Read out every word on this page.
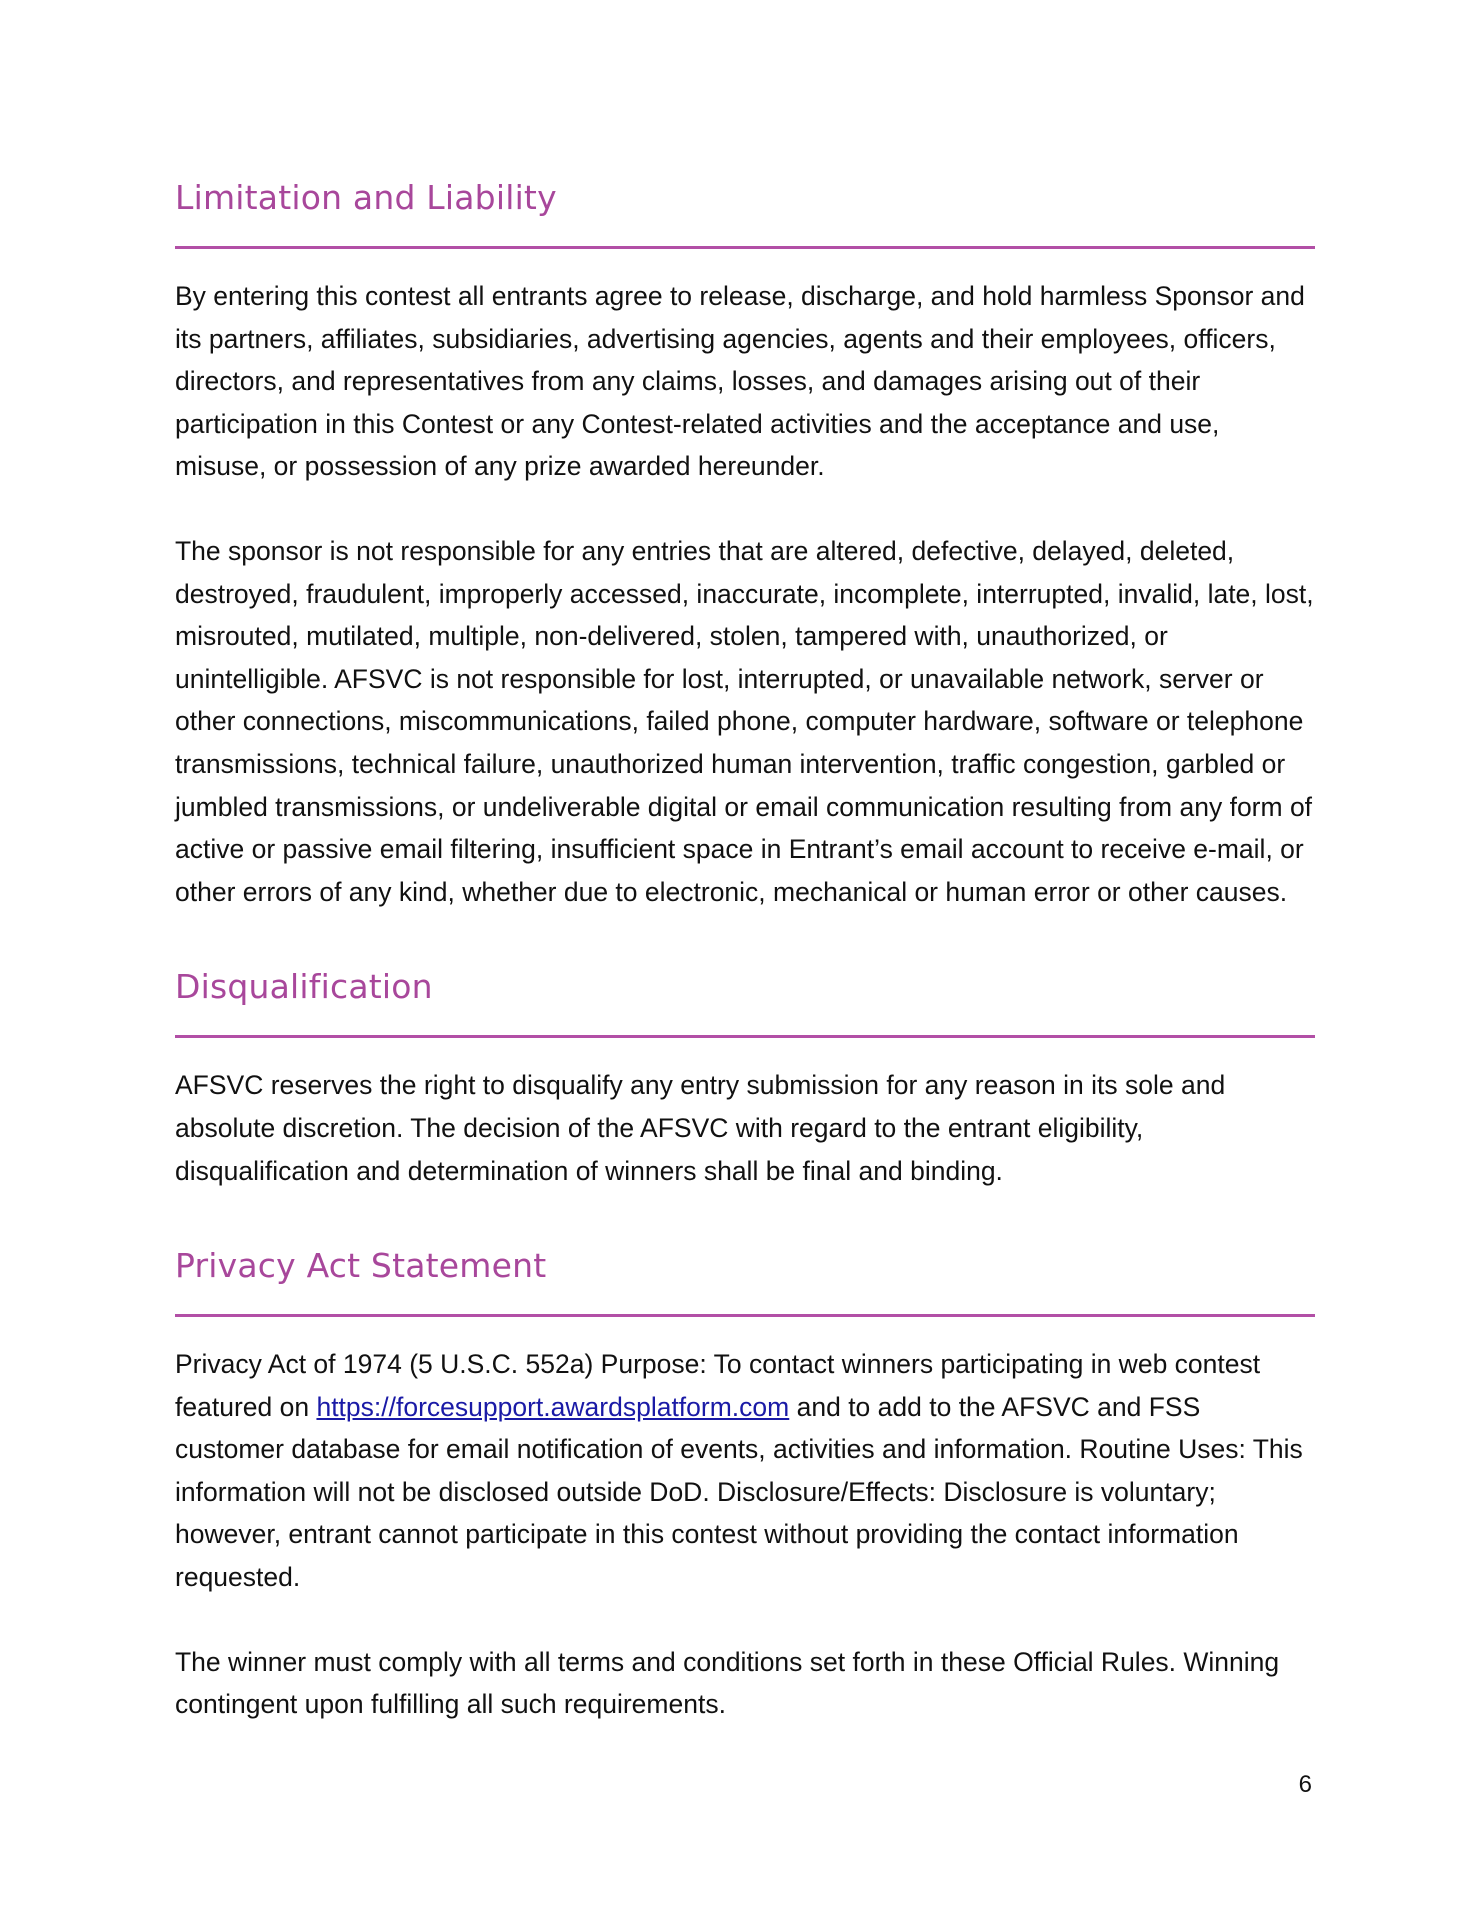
Limitation and Liability

By entering this contest all entrants agree to release, discharge, and hold harmless Sponsor and its partners, affiliates, subsidiaries, advertising agencies, agents and their employees, officers, directors, and representatives from any claims, losses, and damages arising out of their participation in this Contest or any Contest-related activities and the acceptance and use, misuse, or possession of any prize awarded hereunder.

The sponsor is not responsible for any entries that are altered, defective, delayed, deleted, destroyed, fraudulent, improperly accessed, inaccurate, incomplete, interrupted, invalid, late, lost, misrouted, mutilated, multiple, non-delivered, stolen, tampered with, unauthorized, or unintelligible. AFSVC is not responsible for lost, interrupted, or unavailable network, server or other connections, miscommunications, failed phone, computer hardware, software or telephone transmissions, technical failure, unauthorized human intervention, traffic congestion, garbled or jumbled transmissions, or undeliverable digital or email communication resulting from any form of active or passive email filtering, insufficient space in Entrant’s email account to receive e-mail, or other errors of any kind, whether due to electronic, mechanical or human error or other causes.

Disqualification

AFSVC reserves the right to disqualify any entry submission for any reason in its sole and absolute discretion. The decision of the AFSVC with regard to the entrant eligibility, disqualification and determination of winners shall be final and binding.

Privacy Act Statement

Privacy Act of 1974 (5 U.S.C. 552a) Purpose: To contact winners participating in web contest featured on https://forcesupport.awardsplatform.com and to add to the AFSVC and FSS customer database for email notification of events, activities and information. Routine Uses: This information will not be disclosed outside DoD. Disclosure/Effects: Disclosure is voluntary; however, entrant cannot participate in this contest without providing the contact information requested.

The winner must comply with all terms and conditions set forth in these Official Rules. Winning contingent upon fulfilling all such requirements.

6
